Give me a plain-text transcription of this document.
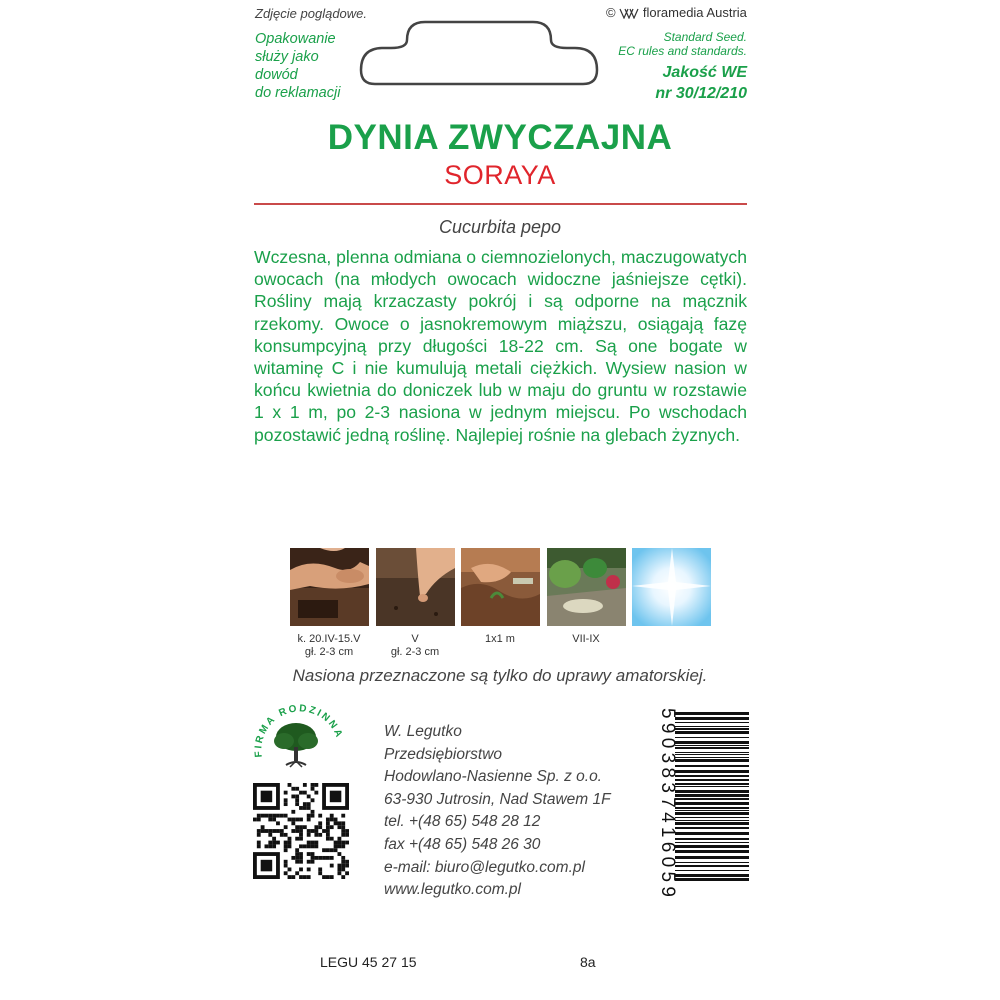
Zdjęcie poglądowe.	© floramedia Austria
Opakowanie
służy jako
dowód
do reklamacji
Standard Seed.
EC rules and standards.
Jakość WE
nr 30/12/210
DYNIA ZWYCZAJNA
SORAYA
Cucurbita pepo
Wczesna, plenna odmiana o ciemnozielonych, maczugowatych owocach (na młodych owocach widoczne jaśniejsze cętki). Rośliny mają krzaczasty pokrój i są odporne na mącznik rzekomy. Owoce o jasnokremowym miąższu, osiągają fazę konsumpcyjną przy długości 18-22 cm. Są one bogate w witaminę C i nie kumulują metali ciężkich. Wysiew nasion w końcu kwietnia do doniczek lub w maju do gruntu w rozstawie 1 x 1 m, po 2-3 nasiona w jednym miejscu. Po wschodach pozostawić jedną roślinę. Najlepiej rośnie na glebach żyznych.
k. 20.IV-15.V
gł. 2-3 cm
V
gł. 2-3 cm
1x1 m	VII-IX
Nasiona przeznaczone są tylko do uprawy amatorskiej.
FIRMA RODZINNA	W. Legutko
Przedsiębiorstwo
Hodowlano-Nasienne Sp. z o.o.
63-930 Jutrosin, Nad Stawem 1F
tel. +(48 65) 548 28 12
fax +(48 65) 548 26 30
e-mail: biuro@legutko.com.pl
www.legutko.com.pl	5903837416059
LEGU 45 27 15	8a
